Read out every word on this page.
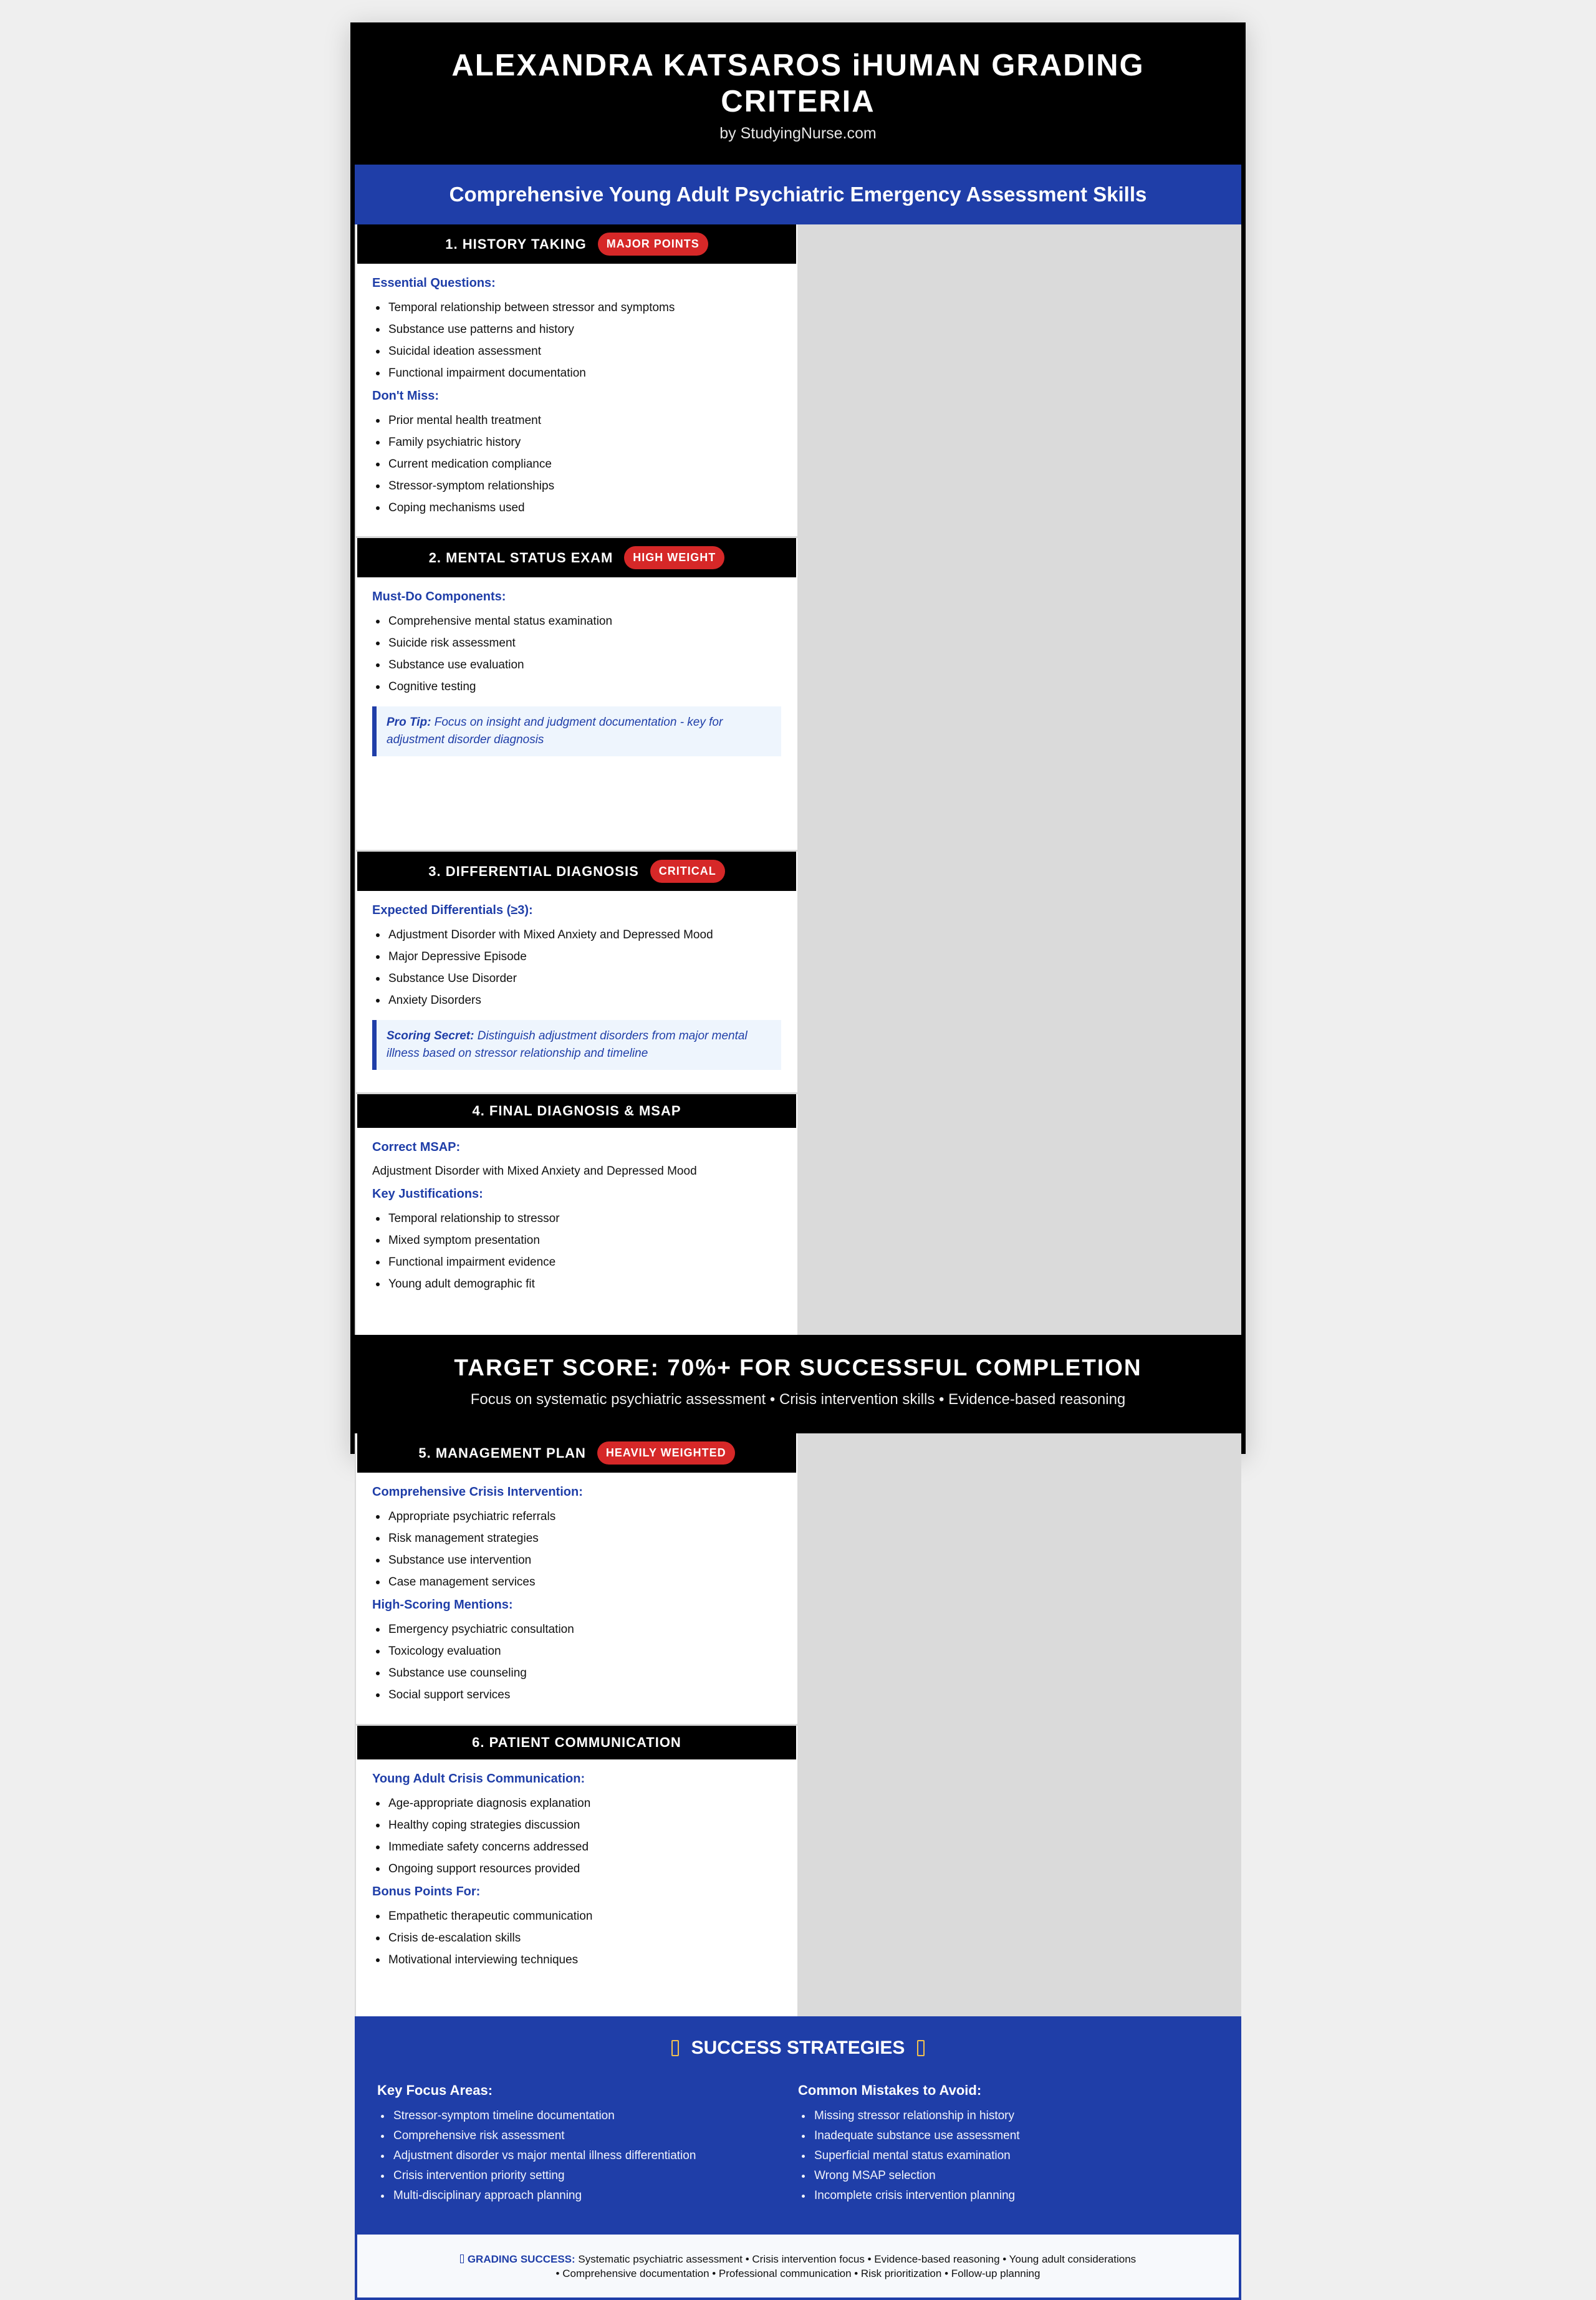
ALEXANDRA KATSAROS iHUMAN GRADING
CRITERIA
by StudyingNurse.com
Comprehensive Young Adult Psychiatric Emergency Assessment Skills
1. HISTORY TAKING	MAJOR POINTS
Essential Questions:
Temporal relationship between stressor and symptoms
Substance use patterns and history
Suicidal ideation assessment
Functional impairment documentation
Don't Miss:
Prior mental health treatment
Family psychiatric history
Current medication compliance
Stressor-symptom relationships
Coping mechanisms used
2. MENTAL STATUS EXAM	HIGH WEIGHT
Must-Do Components:
Comprehensive mental status examination
Suicide risk assessment
Substance use evaluation
Cognitive testing
Pro Tip: Focus on insight and judgment documentation - key for adjustment disorder diagnosis
3. DIFFERENTIAL DIAGNOSIS	CRITICAL
Expected Differentials (≥3):
Adjustment Disorder with Mixed Anxiety and Depressed Mood
Major Depressive Episode
Substance Use Disorder
Anxiety Disorders
Scoring Secret: Distinguish adjustment disorders from major mental illness based on stressor relationship and timeline
4. FINAL DIAGNOSIS & MSAP
Correct MSAP:
Adjustment Disorder with Mixed Anxiety and Depressed Mood
Key Justifications:
Temporal relationship to stressor
Mixed symptom presentation
Functional impairment evidence
Young adult demographic fit
TARGET SCORE: 70%+ FOR SUCCESSFUL COMPLETION

Focus on systematic psychiatric assessment • Crisis intervention skills • Evidence-based reasoning

5. MANAGEMENT PLAN	HEAVILY WEIGHTED
Comprehensive Crisis Intervention:
Appropriate psychiatric referrals
Risk management strategies
Substance use intervention
Case management services
High-Scoring Mentions:
Emergency psychiatric consultation
Toxicology evaluation
Substance use counseling
Social support services
6. PATIENT COMMUNICATION
Young Adult Crisis Communication:
Age-appropriate diagnosis explanation
Healthy coping strategies discussion
Immediate safety concerns addressed
Ongoing support resources provided
Bonus Points For:
Empathetic therapeutic communication
Crisis de-escalation skills
Motivational interviewing techniques
SUCCESS STRATEGIES
Key Focus Areas:
Stressor-symptom timeline documentation
Comprehensive risk assessment
Adjustment disorder vs major mental illness differentiation
Crisis intervention priority setting
Multi-disciplinary approach planning
Common Mistakes to Avoid:
Missing stressor relationship in history
Inadequate substance use assessment
Superficial mental status examination
Wrong MSAP selection
Incomplete crisis intervention planning
GRADING SUCCESS: Systematic psychiatric assessment • Crisis intervention focus • Evidence-based reasoning • Young adult considerations
• Comprehensive documentation • Professional communication • Risk prioritization • Follow-up planning
